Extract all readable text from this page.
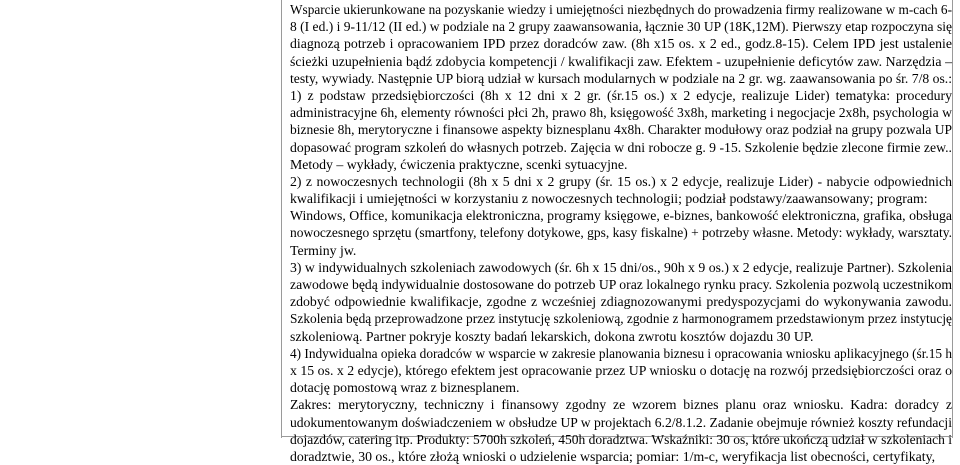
Wsparcie ukierunkowane na pozyskanie wiedzy i umiejętności niezbędnych do prowadzenia firmy realizowane w m-cach 6-
8 (I ed.) i 9-11/12 (II ed.) w podziale na 2 grupy zaawansowania, łącznie 30 UP (18K,12M). Pierwszy etap rozpoczyna się
diagnozą potrzeb i opracowaniem IPD przez doradców zaw. (8h x15 os. x 2 ed., godz.8-15). Celem IPD jest ustalenie
ścieżki uzupełnienia bądź zdobycia kompetencji / kwalifikacji zaw. Efektem - uzupełnienie deficytów zaw. Narzędzia –
testy, wywiady. Następnie UP biorą udział w kursach modularnych w podziale na 2 gr. wg. zaawansowania po śr. 7/8 os.:
1) z podstaw przedsiębiorczości (8h x 12 dni x 2 gr. (śr.15 os.) x 2 edycje, realizuje Lider) tematyka: procedury
administracyjne 6h, elementy równości płci 2h, prawo 8h, księgowość 3x8h, marketing i negocjacje 2x8h, psychologia w
biznesie 8h, merytoryczne i finansowe aspekty biznesplanu 4x8h. Charakter modułowy oraz podział na grupy pozwala UP
dopasować program szkoleń do własnych potrzeb. Zajęcia w dni robocze g. 9 -15. Szkolenie będzie zlecone firmie zew..
Metody – wykłady, ćwiczenia praktyczne, scenki sytuacyjne.
2) z nowoczesnych technologii (8h x 5 dni x 2 grupy (śr. 15 os.) x 2 edycje, realizuje Lider) - nabycie odpowiednich
kwalifikacji i umiejętności w korzystaniu z nowoczesnych technologii; podział podstawy/zaawansowany; program:
Windows, Office, komunikacja elektroniczna, programy księgowe, e-biznes, bankowość elektroniczna, grafika, obsługa
nowoczesnego sprzętu (smartfony, telefony dotykowe, gps, kasy fiskalne) + potrzeby własne. Metody: wykłady, warsztaty.
Terminy jw.
3) w indywidualnych szkoleniach zawodowych (śr. 6h x 15 dni/os., 90h x 9 os.) x 2 edycje, realizuje Partner). Szkolenia
zawodowe będą indywidualnie dostosowane do potrzeb UP oraz lokalnego rynku pracy. Szkolenia pozwolą uczestnikom
zdobyć odpowiednie kwalifikacje, zgodne z wcześniej zdiagnozowanymi predyspozycjami do wykonywania zawodu.
Szkolenia będą przeprowadzone przez instytucję szkoleniową, zgodnie z harmonogramem przedstawionym przez instytucję
szkoleniową. Partner pokryje koszty badań lekarskich, dokona zwrotu kosztów dojazdu 30 UP.
4) Indywidualna opieka doradców w wsparcie w zakresie planowania biznesu i opracowania wniosku aplikacyjnego (śr.15 h
x 15 os. x 2 edycje), którego efektem jest opracowanie przez UP wniosku o dotację na rozwój przedsiębiorczości oraz o
dotację pomostową wraz z biznesplanem.
Zakres: merytoryczny, techniczny i finansowy zgodny ze wzorem biznes planu oraz wniosku. Kadra: doradcy z
udokumentowanym doświadczeniem w obsłudze UP w projektach 6.2/8.1.2. Zadanie obejmuje również koszty refundacji
dojazdów, catering itp. Produkty: 5700h szkoleń, 450h doradztwa. Wskaźniki: 30 os, które ukończą udział w szkoleniach i
doradztwie, 30 os., które złożą wnioski o udzielenie wsparcia; pomiar: 1/m-c, weryfikacja list obecności, certyfikaty,
